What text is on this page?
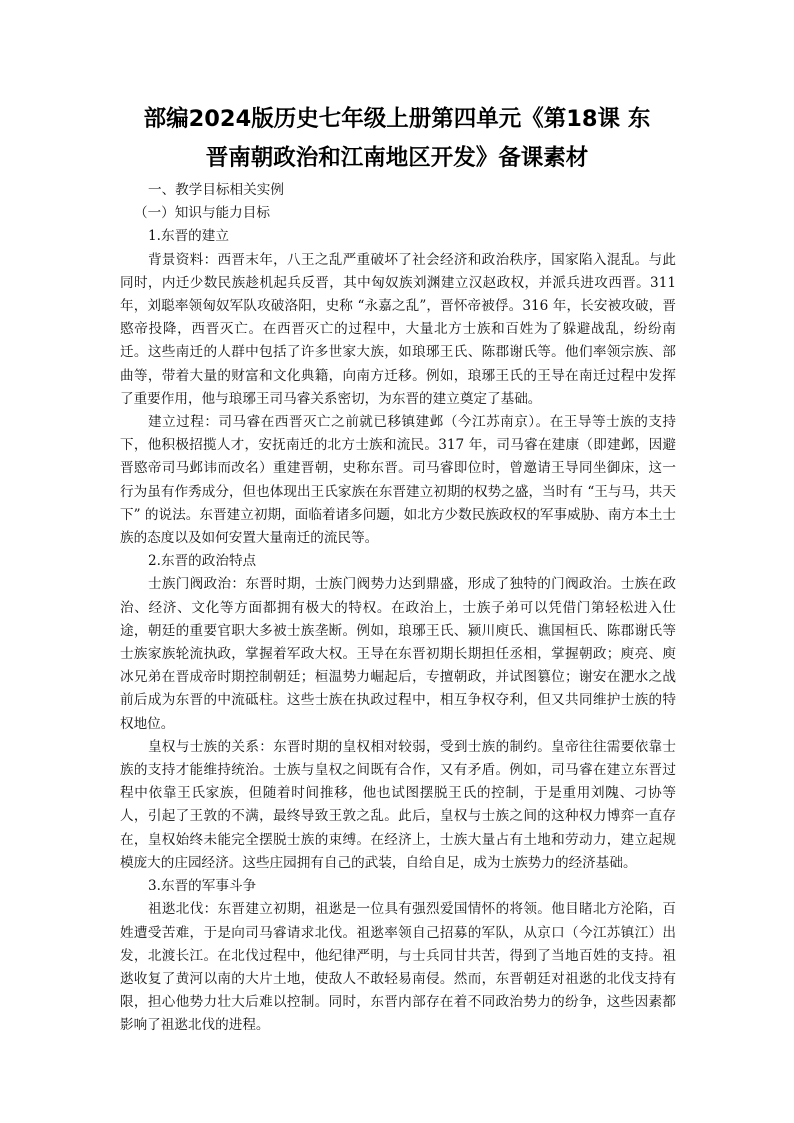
部编2024版历史七年级上册第四单元《第18课 东
晋南朝政治和江南地区开发》备课素材

一、教学目标相关实例

（一）知识与能力目标

1.东晋的建立

背景资料：西晋末年，八王之乱严重破坏了社会经济和政治秩序，国家陷入混乱。与此同时，内迁少数民族趁机起兵反晋，其中匈奴族刘渊建立汉赵政权，并派兵进攻西晋。311 年，刘聪率领匈奴军队攻破洛阳，史称 “永嘉之乱”，晋怀帝被俘。316 年，长安被攻破，晋愍帝投降，西晋灭亡。在西晋灭亡的过程中，大量北方士族和百姓为了躲避战乱，纷纷南迁。这些南迁的人群中包括了许多世家大族，如琅琊王氏、陈郡谢氏等。他们率领宗族、部曲等，带着大量的财富和文化典籍，向南方迁移。例如，琅琊王氏的王导在南迁过程中发挥了重要作用，他与琅琊王司马睿关系密切，为东晋的建立奠定了基础。

建立过程：司马睿在西晋灭亡之前就已移镇建邺（今江苏南京）。在王导等士族的支持下，他积极招揽人才，安抚南迁的北方士族和流民。317 年，司马睿在建康（即建邺，因避晋愍帝司马邺讳而改名）重建晋朝，史称东晋。司马睿即位时，曾邀请王导同坐御床，这一行为虽有作秀成分，但也体现出王氏家族在东晋建立初期的权势之盛，当时有 “王与马，共天下” 的说法。东晋建立初期，面临着诸多问题，如北方少数民族政权的军事威胁、南方本土士族的态度以及如何安置大量南迁的流民等。

2.东晋的政治特点

士族门阀政治：东晋时期，士族门阀势力达到鼎盛，形成了独特的门阀政治。士族在政治、经济、文化等方面都拥有极大的特权。在政治上，士族子弟可以凭借门第轻松进入仕途，朝廷的重要官职大多被士族垄断。例如，琅琊王氏、颍川庾氏、谯国桓氏、陈郡谢氏等士族家族轮流执政，掌握着军政大权。王导在东晋初期长期担任丞相，掌握朝政；庾亮、庾冰兄弟在晋成帝时期控制朝廷；桓温势力崛起后，专擅朝政，并试图篡位；谢安在淝水之战前后成为东晋的中流砥柱。这些士族在执政过程中，相互争权夺利，但又共同维护士族的特权地位。

皇权与士族的关系：东晋时期的皇权相对较弱，受到士族的制约。皇帝往往需要依靠士族的支持才能维持统治。士族与皇权之间既有合作，又有矛盾。例如，司马睿在建立东晋过程中依靠王氏家族，但随着时间推移，他也试图摆脱王氏的控制，于是重用刘隗、刁协等人，引起了王敦的不满，最终导致王敦之乱。此后，皇权与士族之间的这种权力博弈一直存在，皇权始终未能完全摆脱士族的束缚。在经济上，士族大量占有土地和劳动力，建立起规模庞大的庄园经济。这些庄园拥有自己的武装，自给自足，成为士族势力的经济基础。

3.东晋的军事斗争

祖逖北伐：东晋建立初期，祖逖是一位具有强烈爱国情怀的将领。他目睹北方沦陷，百姓遭受苦难，于是向司马睿请求北伐。祖逖率领自己招募的军队，从京口（今江苏镇江）出发，北渡长江。在北伐过程中，他纪律严明，与士兵同甘共苦，得到了当地百姓的支持。祖逖收复了黄河以南的大片土地，使敌人不敢轻易南侵。然而，东晋朝廷对祖逖的北伐支持有限，担心他势力壮大后难以控制。同时，东晋内部存在着不同政治势力的纷争，这些因素都影响了祖逖北伐的进程。
